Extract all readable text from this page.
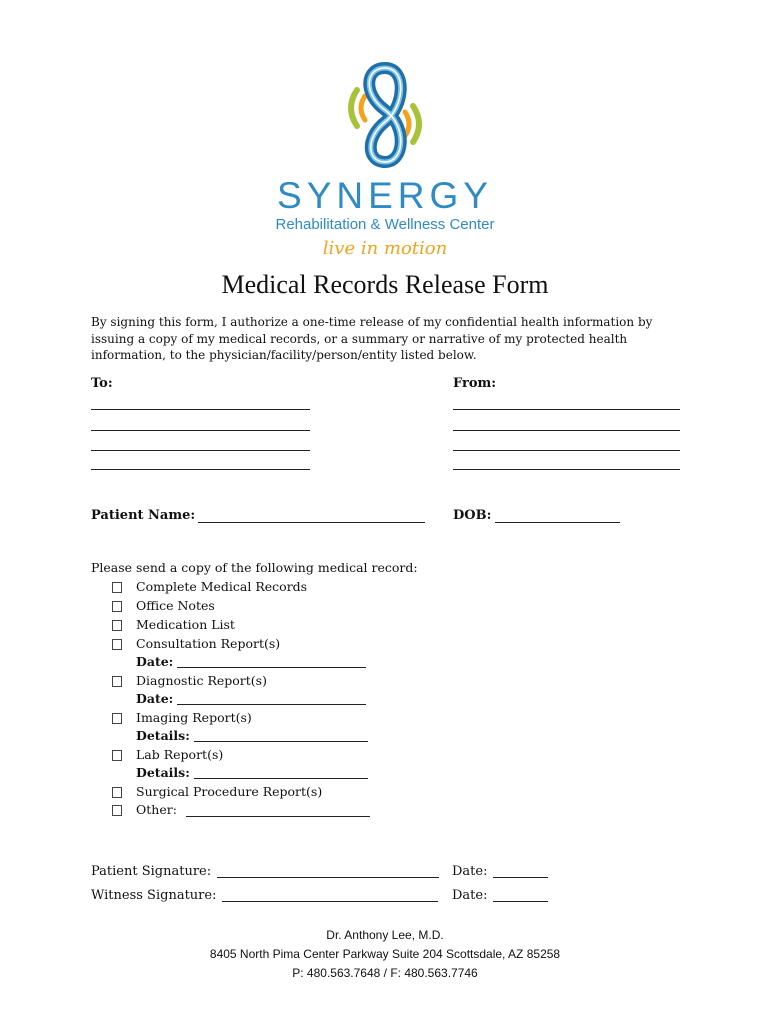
SYNERGY
Rehabilitation & Wellness Center
live in motion
Medical Records Release Form
By signing this form, I authorize a one-time release of my confidential health information by issuing a copy of my medical records, or a summary or narrative of my protected health information, to the physician/facility/person/entity listed below.
To:	From:
Patient Name:	DOB:
Please send a copy of the following medical record:
Complete Medical Records
Office Notes
Medication List
Consultation Report(s)
Date:
Diagnostic Report(s)
Date:
Imaging Report(s)
Details:
Lab Report(s)
Details:
Surgical Procedure Report(s)
Other:
Patient Signature:	Date:
Witness Signature:	Date:
Dr. Anthony Lee, M.D.
8405 North Pima Center Parkway Suite 204 Scottsdale, AZ 85258
P: 480.563.7648 / F: 480.563.7746
